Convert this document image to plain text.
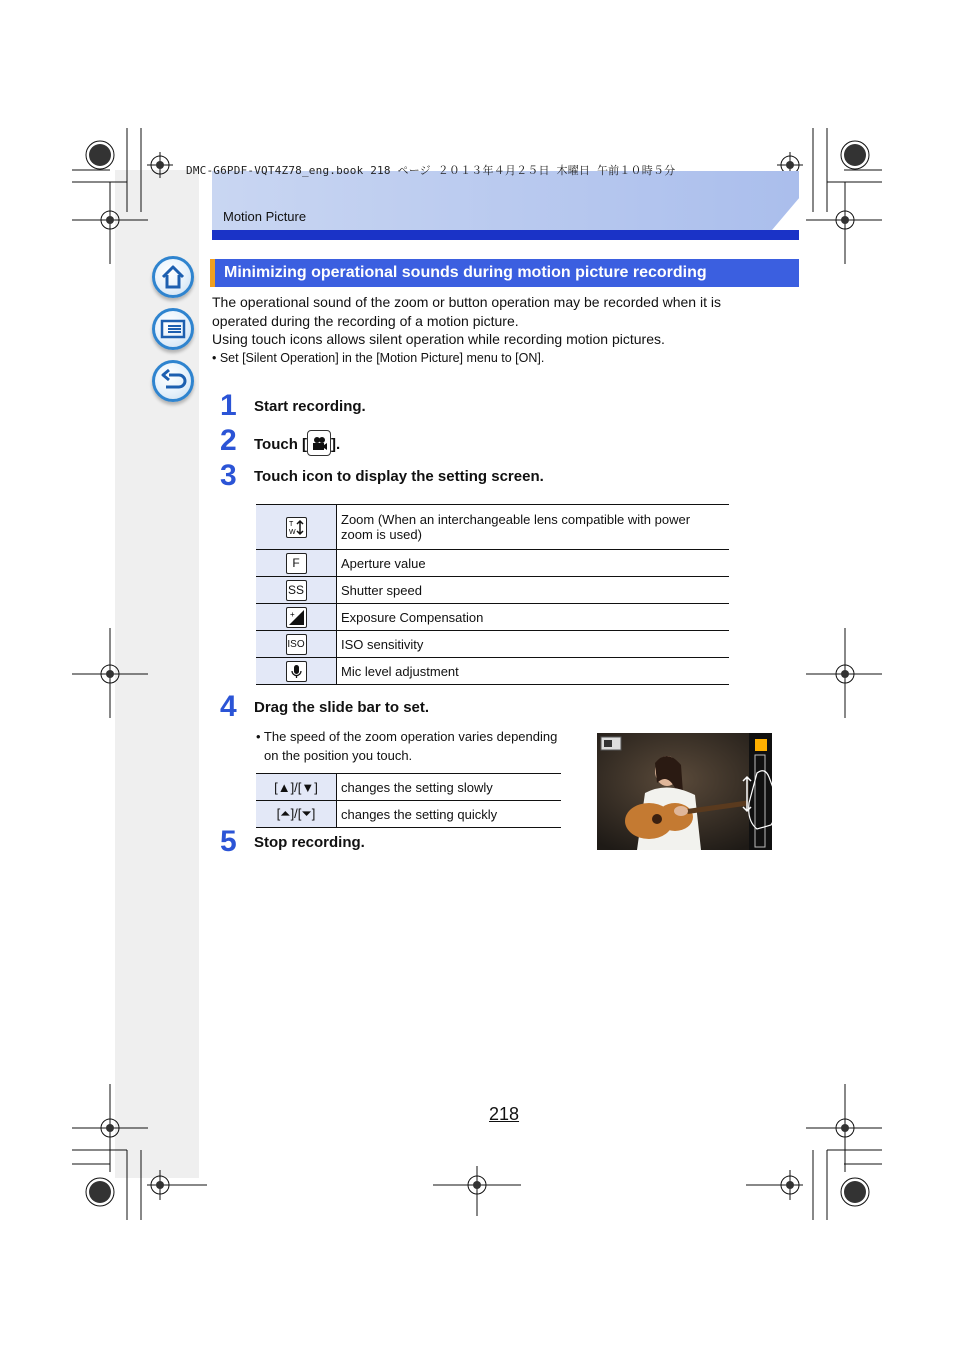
DMC-G6PDF-VQT4Z78_eng.book 218 ページ ２０１３年４月２５日 木曜日 午前１０時５分
Motion Picture
Minimizing operational sounds during motion picture recording
The operational sound of the zoom or button operation may be recorded when it is
operated during the recording of a motion picture.
Using touch icons allows silent operation while recording motion pictures.
• Set [Silent Operation] in the [Motion Picture] menu to [ON].
1 Start recording.
2 Touch [ ].
3 Touch icon to display the setting screen.
T
W	Zoom (When an interchangeable lens compatible with power zoom is used)
F	Aperture value
SS	Shutter speed

+	Exposure Compensation
ISO	ISO sensitivity
	Mic level adjustment
4 Drag the slide bar to set.
• The speed of the zoom operation varies depending
on the position you touch.
[▲]/[▼]	changes the setting slowly
[⏶]/[⏷]	changes the setting quickly
5 Stop recording.
218
